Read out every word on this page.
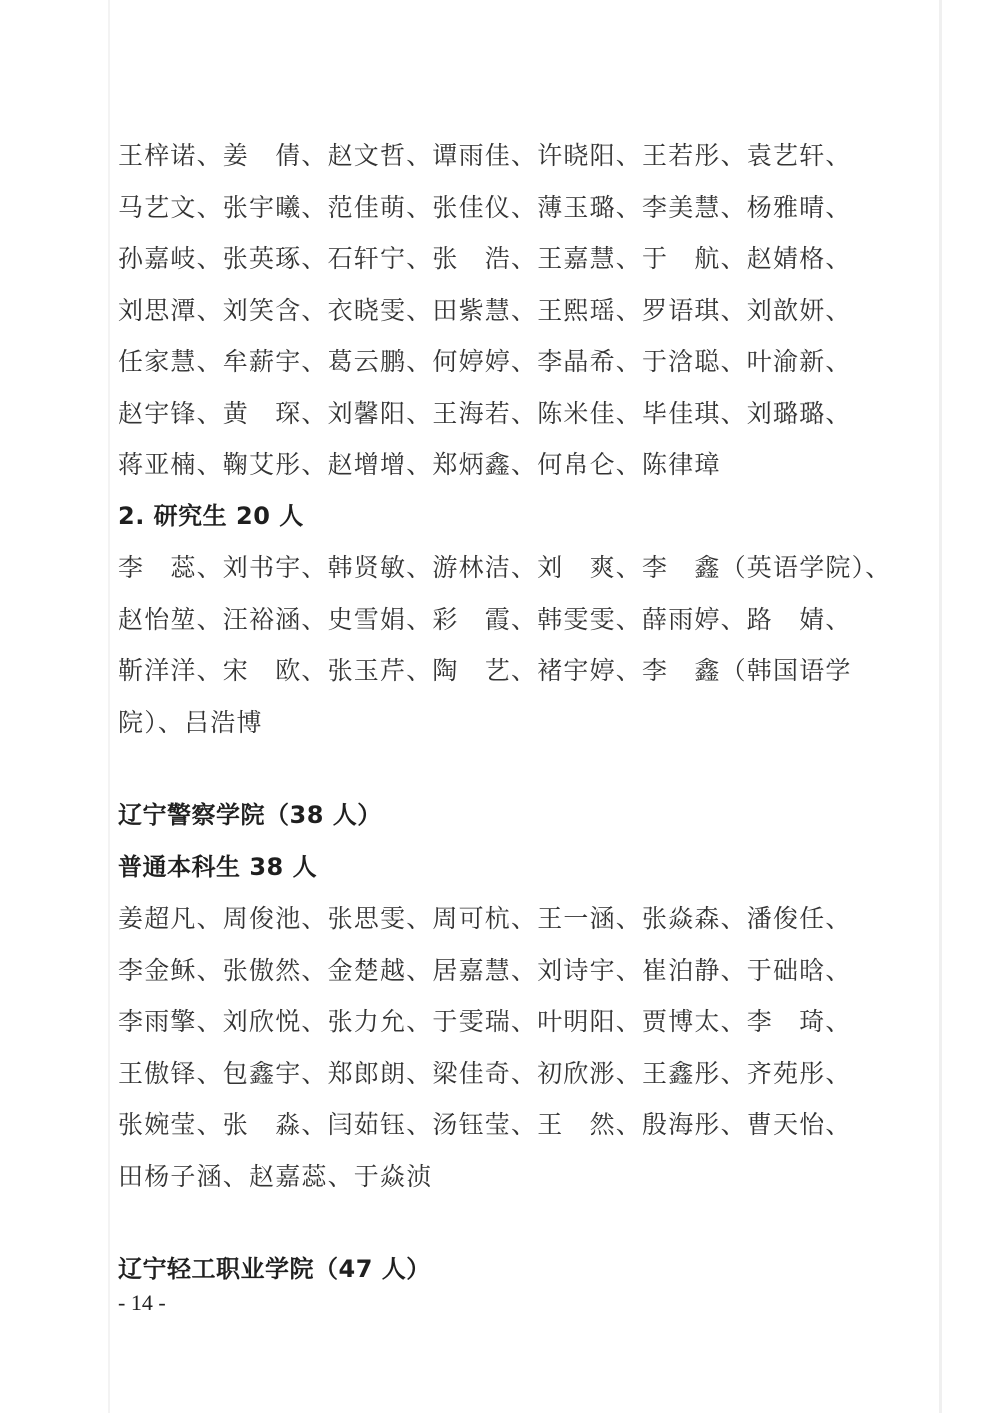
王梓诺、姜　倩、赵文哲、谭雨佳、许晓阳、王若彤、袁艺轩、
马艺文、张宇曦、范佳萌、张佳仪、薄玉璐、李美慧、杨雅晴、
孙嘉岐、张英琢、石轩宁、张　浩、王嘉慧、于　航、赵婧格、
刘思潭、刘笑含、衣晓雯、田紫慧、王熙瑶、罗语琪、刘歆妍、
任家慧、牟薪宇、葛云鹏、何婷婷、李晶希、于浛聪、叶渝新、
赵宇锋、黄　琛、刘馨阳、王海若、陈米佳、毕佳琪、刘璐璐、
蒋亚楠、鞠艾彤、赵增增、郑炳鑫、何帛仑、陈律璋
2. 研究生 20 人
李　蕊、刘书宇、韩贤敏、游林洁、刘　爽、李　鑫（英语学院）、
赵怡堃、汪裕涵、史雪娟、彩　霞、韩雯雯、薛雨婷、路　婧、
靳洋洋、宋　欧、张玉芹、陶　艺、褚宇婷、李　鑫（韩国语学
院）、吕浩博
辽宁警察学院（38 人）
普通本科生 38 人
姜超凡、周俊池、张思雯、周可杭、王一涵、张焱森、潘俊任、
李金稣、张傲然、金楚越、居嘉慧、刘诗宇、崔泊静、于础晗、
李雨擎、刘欣悦、张力允、于雯瑞、叶明阳、贾博太、李　琦、
王傲铎、包鑫宇、郑郎朗、梁佳奇、初欣浵、王鑫彤、齐苑彤、
张婉莹、张　淼、闫茹钰、汤钰莹、王　然、殷海彤、曹天怡、
田杨子涵、赵嘉蕊、于焱浈
辽宁轻工职业学院（47 人）
- 14 -
